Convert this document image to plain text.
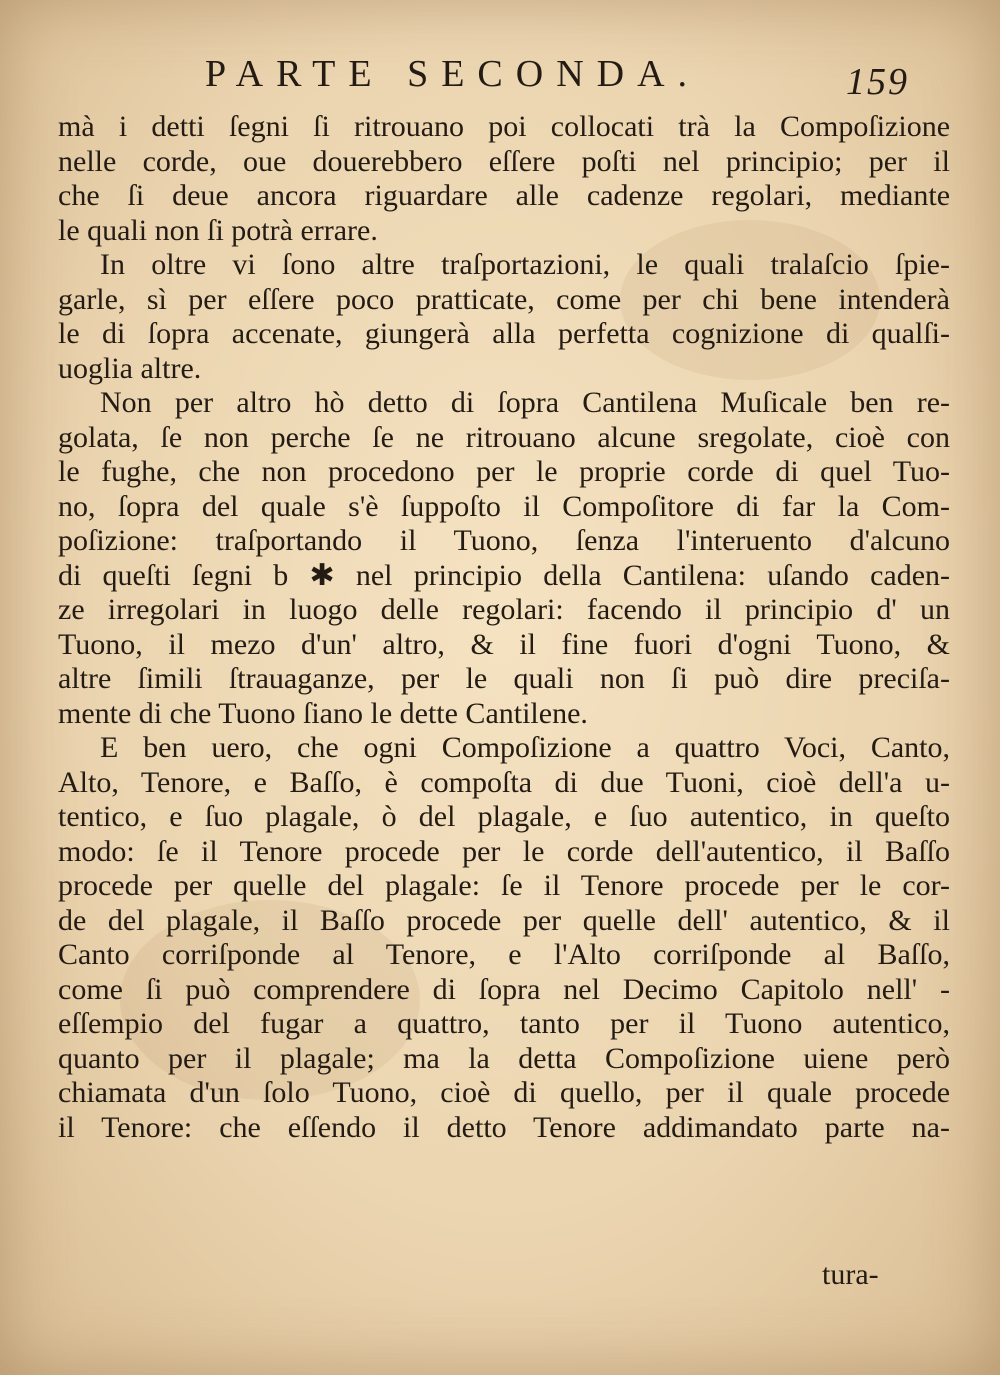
PARTE SECONDA.	159
mà i detti ſegni ſi ritrouano poi collocati trà la Compoſizione
nelle corde, oue douerebbero eſſere poſti nel principio; per il
che ſi deue ancora riguardare alle cadenze regolari, mediante
le quali non ſi potrà errare.
In oltre vi ſono altre traſportazioni, le quali tralaſcio ſpie-
garle, sì per eſſere poco pratticate, come per chi bene intenderà
le di ſopra accenate, giungerà alla perfetta cognizione di qualſi-
uoglia altre.
Non per altro hò detto di ſopra Cantilena Muſicale ben re-
golata, ſe non perche ſe ne ritrouano alcune sregolate, cioè con
le fughe, che non procedono per le proprie corde di quel Tuo-
no, ſopra del quale s'è ſuppoſto il Compoſitore di far la Com-
poſizione: traſportando il Tuono, ſenza l'interuento d'alcuno
di queſti ſegni b ✱ nel principio della Cantilena: uſando caden-
ze irregolari in luogo delle regolari: facendo il principio d' un
Tuono, il mezo d'un' altro, & il fine fuori d'ogni Tuono, &
altre ſimili ſtrauaganze, per le quali non ſi può dire preciſa-
mente di che Tuono ſiano le dette Cantilene.
E ben uero, che ogni Compoſizione a quattro Voci, Canto,
Alto, Tenore, e Baſſo, è compoſta di due Tuoni, cioè dell'a u-
tentico, e ſuo plagale, ò del plagale, e ſuo autentico, in queſto
modo: ſe il Tenore procede per le corde dell'autentico, il Baſſo
procede per quelle del plagale: ſe il Tenore procede per le cor-
de del plagale, il Baſſo procede per quelle dell' autentico, & il
Canto corriſponde al Tenore, e l'Alto corriſponde al Baſſo,
come ſi può comprendere di ſopra nel Decimo Capitolo nell' -
eſſempio del fugar a quattro, tanto per il Tuono autentico,
quanto per il plagale; ma la detta Compoſizione uiene però
chiamata d'un ſolo Tuono, cioè di quello, per il quale procede
il Tenore: che eſſendo il detto Tenore addimandato parte na-
tura-
